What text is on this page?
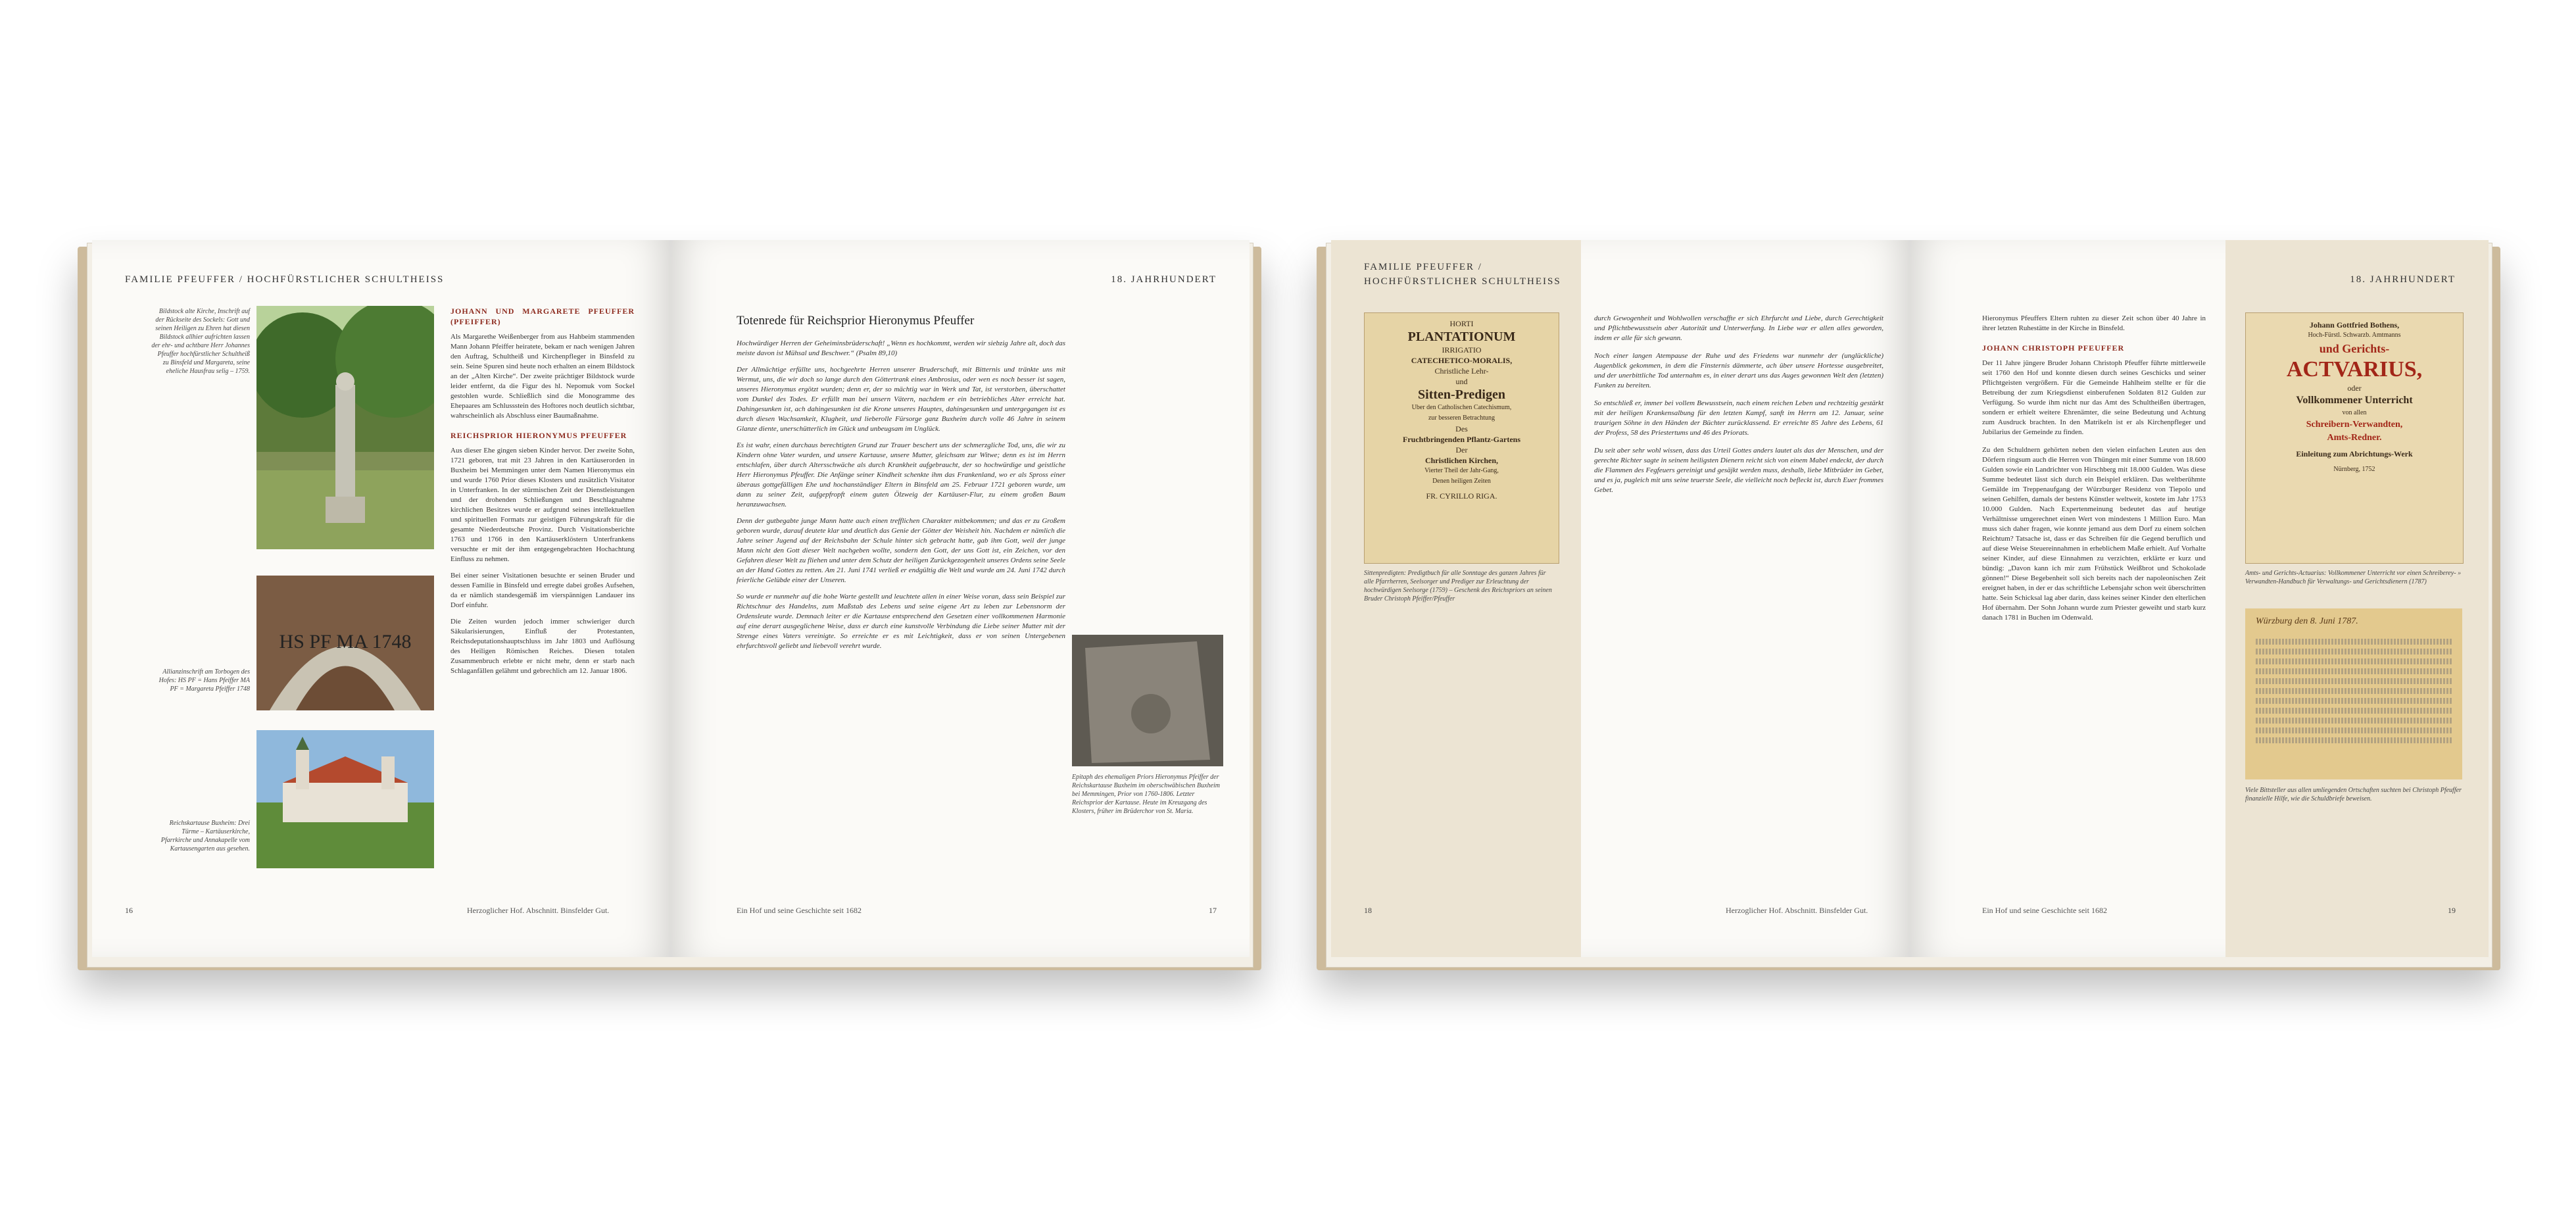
FAMILIE PFEUFFER / HOCHFÜRSTLICHER SCHULTHEISS
Bildstock alte Kirche, Inschrift auf der Rückseite des Sockels: Gott und seinen Heiligen zu Ehren hat diesen Bildstock allhier aufrichten lassen der ehr- und achtbare Herr Johannes Pfeuffer hochfürstlicher Schultheiß zu Binsfeld und Margareta, seine eheliche Hausfrau selig – 1759.
Allianzinschrift am Torbogen des Hofes: HS PF = Hans Pfeiffer MA PF = Margareta Pfeiffer 1748
HS PF MA 1748
Reichskartause Buxheim: Drei Türme – Kartäuserkirche, Pfarrkirche und Annakapelle vom Kartausengarten aus gesehen.
JOHANN UND MARGARETE PFEUFFER (PFEIFFER)
Als Margarethe Weißenberger from aus Hahbeim stammenden Mann Johann Pfeiffer heiratete, bekam er nach wenigen Jahren den Auftrag, Schultheiß und Kirchenpfleger in Binsfeld zu sein. Seine Spuren sind heute noch erhalten an einem Bildstock an der „Alten Kirche“. Der zweite prächtiger Bildstock wurde leider entfernt, da die Figur des hl. Nepomuk vom Sockel gestohlen wurde. Schließlich sind die Monogramme des Ehepaares am Schlussstein des Hoftores noch deutlich sichtbar, wahrscheinlich als Abschluss einer Baumaßnahme.
REICHSPRIOR HIERONYMUS PFEUFFER
Aus dieser Ehe gingen sieben Kinder hervor. Der zweite Sohn, 1721 geboren, trat mit 23 Jahren in den Kartäuserorden in Buxheim bei Memmingen unter dem Namen Hieronymus ein und wurde 1760 Prior dieses Klosters und zusätzlich Visitator in Unterfranken. In der stürmischen Zeit der Dienstleistungen und der drohenden Schließungen und Beschlagnahme kirchlichen Besitzes wurde er aufgrund seines intellektuellen und spirituellen Formats zur geistigen Führungskraft für die gesamte Niederdeutsche Provinz. Durch Visitationsberichte 1763 und 1766 in den Kartäuserklöstern Unterfrankens versuchte er mit der ihm entgegengebrachten Hochachtung Einfluss zu nehmen.
Bei einer seiner Visitationen besuchte er seinen Bruder und dessen Familie in Binsfeld und erregte dabei großes Aufsehen, da er nämlich standesgemäß im vierspännigen Landauer ins Dorf einfuhr.
Die Zeiten wurden jedoch immer schwieriger durch Säkularisierungen, Einfluß der Protestanten, Reichsdeputationshauptschluss im Jahr 1803 und Auflösung des Heiligen Römischen Reiches. Diesen totalen Zusammenbruch erlebte er nicht mehr, denn er starb nach Schlaganfällen gelähmt und gebrechlich am 12. Januar 1806.
16	Herzoglicher Hof. Abschnitt. Binsfelder Gut.
18. JAHRHUNDERT
Totenrede für Reichsprior Hieronymus Pfeuffer
Hochwürdiger Herren der Geheiminsbrüderschaft! „Wenn es hochkommt, werden wir siebzig Jahre alt, doch das meiste davon ist Mühsal und Beschwer.“ (Psalm 89,10)
Der Allmächtige erfüllte uns, hochgeehrte Herren unserer Bruderschaft, mit Bitternis und tränkte uns mit Wermut, uns, die wir doch so lange durch den Göttertrank eines Ambrosius, oder wen es noch besser ist sagen, unseres Hieronymus ergötzt wurden; denn er, der so mächtig war in Werk und Tat, ist verstorben, überschattet vom Dunkel des Todes. Er erfüllt man bei unsern Vätern, nachdem er ein betriebliches Alter erreicht hat. Dahingesunken ist, ach dahingesunken ist die Krone unseres Hauptes, dahingesunken und untergegangen ist es durch diesen Wachsamkeit, Klugheit, und lieberolle Fürsorge ganz Buxheim durch volle 46 Jahre in seinem Glanze diente, unerschütterlich im Glück und unbeugsam im Unglück.
Es ist wahr, einen durchaus berechtigten Grund zur Trauer beschert uns der schmerzgliche Tod, uns, die wir zu Kindern ohne Vater wurden, und unsere Kartause, unsere Mutter, gleichsam zur Witwe; denn es ist im Herrn entschlafen, über durch Altersschwäche als durch Krankheit aufgebraucht, der so hochwürdige und geistliche Herr Hieronymus Pfeuffer. Die Anfänge seiner Kindheit schenkte ihm das Frankenland, wo er als Spross einer überaus gottgefälligen Ehe und hochanständiger Eltern in Binsfeld am 25. Februar 1721 geboren wurde, um dann zu seiner Zeit, aufgepfropft einem guten Ölzweig der Kartäuser-Flur, zu einem großen Baum heranzuwachsen.
Denn der gutbegabte junge Mann hatte auch einen trefflichen Charakter mitbekommen; und das er zu Großem geboren wurde, darauf deutete klar und deutlich das Genie der Götter der Weisheit hin. Nachdem er nämlich die Jahre seiner Jugend auf der Reichsbahn der Schule hinter sich gebracht hatte, gab ihm Gott, weil der junge Mann nicht den Gott dieser Welt nachgeben wollte, sondern den Gott, der uns Gott ist, ein Zeichen, vor den Gefahren dieser Welt zu fliehen und unter dem Schutz der heiligen Zurückgezogenheit unseres Ordens seine Seele an der Hand Gottes zu retten. Am 21. Juni 1741 verließ er endgültig die Welt und wurde am 24. Juni 1742 durch feierliche Gelübde einer der Unseren.
So wurde er nunmehr auf die hohe Warte gestellt und leuchtete allen in einer Weise voran, dass sein Beispiel zur Richtschnur des Handelns, zum Maßstab des Lebens und seine eigene Art zu leben zur Lebensnorm der Ordensleute wurde. Demnach leiter er die Kartause entsprechend den Gesetzen einer vollkommenen Harmonie auf eine derart ausgeglichene Weise, dass er durch eine kunstvolle Verbindung die Liebe seiner Mutter mit der Strenge eines Vaters vereinigte. So erreichte er es mit Leichtigkeit, dass er von seinen Untergebenen ehrfurchtsvoll geliebt und liebevoll verehrt wurde.
Epitaph des ehemaligen Priors Hieronymus Pfeiffer der Reichskartause Buxheim im oberschwäbischen Buxheim bei Memmingen, Prior von 1760-1806. Letzter Reichsprior der Kartause. Heute im Kreuzgang des Klosters, früher im Brüderchor von St. Maria.
Ein Hof und seine Geschichte seit 1682	17
FAMILIE PFEUFFER /
HOCHFÜRSTLICHER SCHULTHEISS
HORTI
PLANTATIONUM
IRRIGATIO
CATECHETICO-MORALIS,
Christliche Lehr-
und
Sitten-Predigen
Uber den Catholischen Catechismum,
zur besseren Betrachtung
Des
Fruchtbringenden Pflantz-Gartens
Der
Christlichen Kirchen,
Vierter Theil der Jahr-Gang,
Denen heiligen Zeiten
FR. CYRILLO RIGA.
Sittenpredigten: Predigtbuch für alle Sonntage des ganzen Jahres für alle Pfarrherren, Seelsorger und Prediger zur Erleuchtung der hochwürdigen Seelsorge (1759) – Geschenk des Reichspriors an seinen Bruder Christoph Pfeiffer/Pfeuffer
durch Gewogenheit und Wohlwollen verschaffte er sich Ehrfurcht und Liebe, durch Gerechtigkeit und Pflichtbewusstsein aber Autorität und Unterwerfung. In Liebe war er allen alles geworden, indem er alle für sich gewann.
Noch einer langen Atempause der Ruhe und des Friedens war nunmehr der (unglückliche) Augenblick gekommen, in dem die Finsternis dämmerte, ach über unsere Hortesse ausgebreitet, und der unerbittliche Tod unternahm es, in einer derart uns das Auges gewonnen Welt den (letzten) Funken zu bereiten.
So entschließ er, immer bei vollem Bewusstsein, nach einem reichen Leben und rechtzeitig gestärkt mit der heiligen Krankensalbung für den letzten Kampf, sanft im Herrn am 12. Januar, seine traurigen Söhne in den Händen der Büchter zurücklassend. Er erreichte 85 Jahre des Lebens, 61 der Profess, 58 des Priestertums und 46 des Priorats.
Du seit aber sehr wohl wissen, dass das Urteil Gottes anders lautet als das der Menschen, und der gerechte Richter sagte in seinem heiligsten Dienern reicht sich von einem Mabel endeckt, der durch die Flammen des Fegfeuers gereinigt und gesäjkt werden muss, deshalb, liebe Mitbrüder im Gebet, und es ja, pugleich mit uns seine teuerste Seele, die vielleicht noch befleckt ist, durch Euer frommes Gebet.
18	Herzoglicher Hof. Abschnitt. Binsfelder Gut.
18. JAHRHUNDERT
Hieronymus Pfeuffers Eltern ruhten zu dieser Zeit schon über 40 Jahre in ihrer letzten Ruhestätte in der Kirche in Binsfeld.
JOHANN CHRISTOPH PFEUFFER
Der 11 Jahre jüngere Bruder Johann Christoph Pfeuffer führte mittlerweile seit 1760 den Hof und konnte diesen durch seines Geschicks und seiner Pflichtgeisten vergrößern. Für die Gemeinde Hahlheim stellte er für die Betreibung der zum Kriegsdienst einberufenen Soldaten 812 Gulden zur Verfügung. So wurde ihm nicht nur das Amt des Schultheißen übertragen, sondern er erhielt weitere Ehrenämter, die seine Bedeutung und Achtung zum Ausdruck brachten. In den Matrikeln ist er als Kirchenpfleger und Jubilarius der Gemeinde zu finden.
Zu den Schuldnern gehörten neben den vielen einfachen Leuten aus den Dörfern ringsum auch die Herren von Thüngen mit einer Summe von 18.600 Gulden sowie ein Landrichter von Hirschberg mit 18.000 Gulden. Was diese Summe bedeutet lässt sich durch ein Beispiel erklären. Das weltberühmte Gemälde im Treppenaufgang der Würzburger Residenz von Tiepolo und seinen Gehilfen, damals der bestens Künstler weltweit, kostete im Jahr 1753 10.000 Gulden. Nach Expertenmeinung bedeutet das auf heutige Verhältnisse umgerechnet einen Wert von mindestens 1 Million Euro. Man muss sich daher fragen, wie konnte jemand aus dem Dorf zu einem solchen Reichtum? Tatsache ist, dass er das Schreiben für die Gegend beruflich und auf diese Weise Steuereinnahmen in erheblichem Maße erhielt. Auf Vorhalte seiner Kinder, auf diese Einnahmen zu verzichten, erklärte er kurz und bündig: „Davon kann ich mir zum Frühstück Weißbrot und Schokolade gönnen!“ Diese Begebenheit soll sich bereits nach der napoleonischen Zeit ereignet haben, in der er das schriftliche Lebensjahr schon weit überschritten hatte. Sein Schicksal lag aber darin, dass keines seiner Kinder den elterlichen Hof übernahm. Der Sohn Johann wurde zum Priester geweiht und starb kurz danach 1781 in Buchen im Odenwald.
Johann Gottfried Bothens,
Hoch-Fürstl. Schwarzb. Amtmanns
und Gerichts-
ACTVARIUS,
oder
Vollkommener Unterricht
von allen
Schreibern-Verwandten,
Amts-Redner.
Einleitung zum Abrichtungs-Werk
Nürnberg, 1752
Amts- und Gerichts-Actuarius: Vollkommener Unterricht vor einen Schreiberey- » Verwandten-Handbuch für Verwaltungs- und Gerichtsdienern (1787)
Würzburg den 8. Juni 1787.
Viele Bittsteller aus allen umliegenden Ortschaften suchten bei Christoph Pfeuffer finanzielle Hilfe, wie die Schuldbriefe beweisen.
Ein Hof und seine Geschichte seit 1682	19
